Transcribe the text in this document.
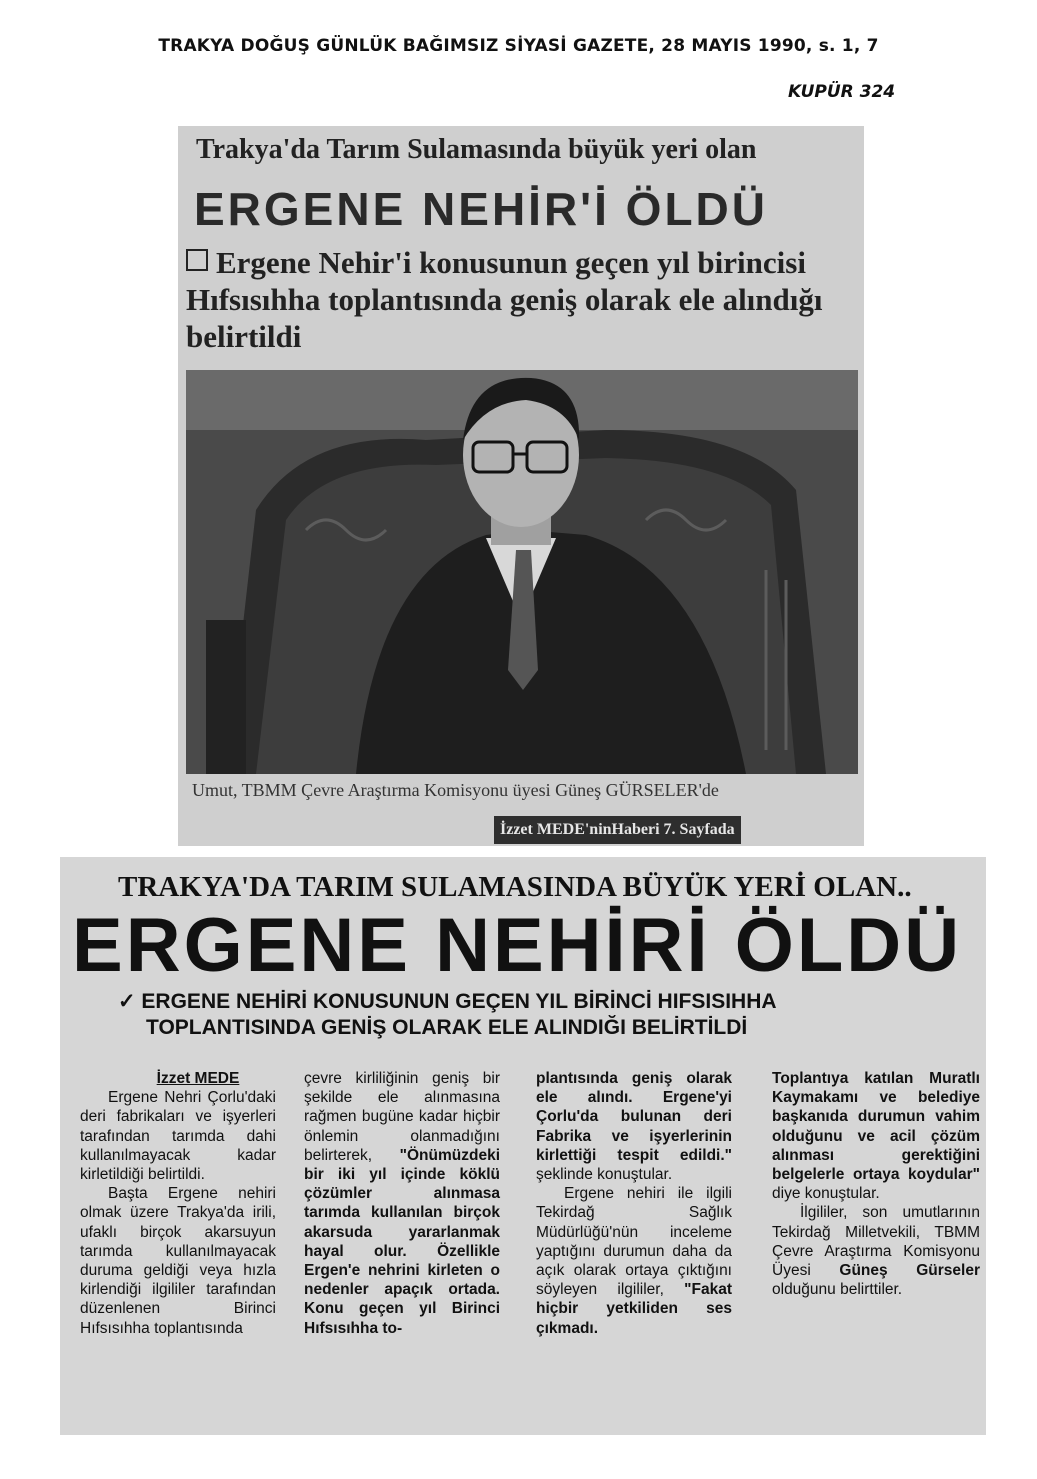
TRAKYA DOĞUŞ GÜNLÜK BAĞIMSIZ SİYASİ GAZETE, 28 MAYIS 1990, s. 1, 7
KUPÜR 324
Trakya'da Tarım Sulamasında büyük yeri olan
ERGENE NEHİR'İ ÖLDÜ
Ergene Nehir'i konusunun geçen yıl birincisi Hıfsısıhha toplantısında geniş olarak ele alındığı belirtildi
Umut, TBMM Çevre Araştırma Komisyonu üyesi Güneş GÜRSELER'de
İzzet MEDE'ninHaberi 7. Sayfada
TRAKYA'DA TARIM SULAMASINDA BÜYÜK YERİ OLAN..
ERGENE NEHİRİ ÖLDÜ
✓ ERGENE NEHİRİ KONUSUNUN GEÇEN YIL BİRİNCİ HIFSISIHHA
TOPLANTISINDA GENİŞ OLARAK ELE ALINDIĞI BELİRTİLDİ

İzzet MEDE

Ergene Nehri Çorlu'daki deri fabrikaları ve işyerleri tarafından tarımda dahi kullanılmayacak kadar kirletildiği belirtildi.

Başta Ergene nehiri olmak üzere Trakya'da irili, ufaklı birçok akarsuyun tarımda kullanılmayacak duruma geldiği veya hızla kirlendiği ilgililer tarafından düzenlenen Birinci Hıfsısıhha toplantısında

çevre kirliliğinin geniş bir şekilde ele alınmasına rağmen bugüne kadar hiçbir önlemin olanmadığını belirterek, "Önümüzdeki bir iki yıl içinde köklü çözümler alınmasa tarımda kullanılan birçok akarsuda yararlanmak hayal olur. Özellikle Ergen'e nehrini kirleten o nedenler apaçık ortada. Konu geçen yıl Birinci Hıfsısıhha to-

plantısında geniş olarak ele alındı. Ergene'yi Çorlu'da bulunan deri Fabrika ve işyerlerinin kirlettiği tespit edildi." şeklinde konuştular.

Ergene nehiri ile ilgili Tekirdağ Sağlık Müdürlüğü'nün inceleme yaptığını durumun daha da açık olarak ortaya çıktığını söyleyen ilgililer, "Fakat hiçbir yetkiliden ses çıkmadı.

Toplantıya katılan Muratlı Kaymakamı ve belediye başkanıda durumun vahim olduğunu ve acil çözüm alınması gerektiğini belgelerle ortaya koydular" diye konuştular.

İlgililer, son umutlarının Tekirdağ Milletvekili, TBMM Çevre Araştırma Komisyonu Üyesi Güneş Gürseler olduğunu belirttiler.
